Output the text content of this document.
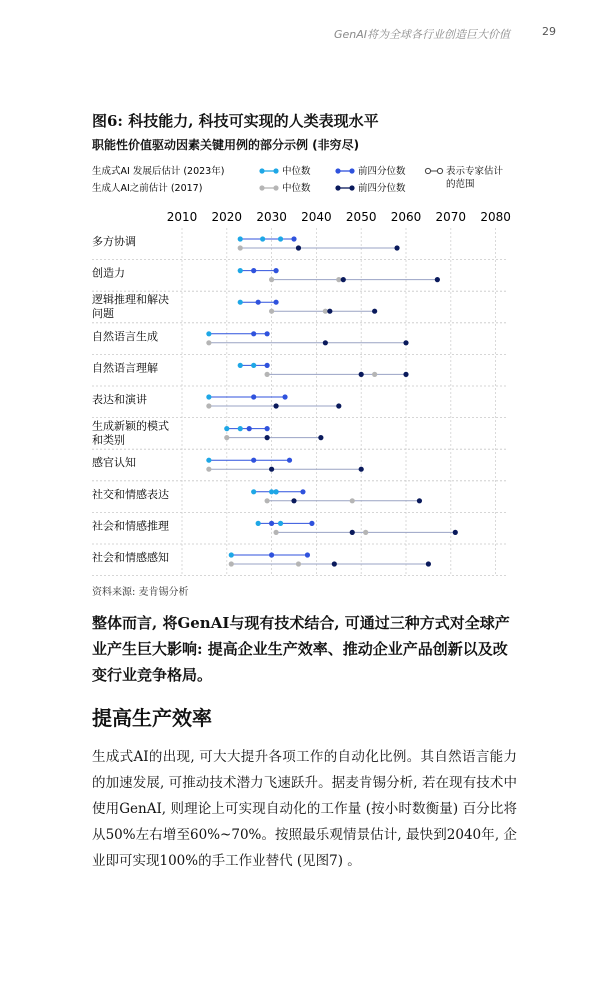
GenAI将为全球各行业创造巨大价值	29
图6: 科技能力, 科技可实现的人类表现水平
职能性价值驱动因素关键用例的部分示例 (非穷尽)
生成式AI 发展后估计 (2023年)
生成人AI之前估计 (2017)
中位数	前四分位数
中位数	前四分位数
表示专家估计
的范围
2010 2020 2030 2040 2050 2060 2070 2080
多方协调
创造力
逻辑推理和解决
问题
自然语言生成
自然语言理解
表达和演讲
生成新颖的模式
和类别
感官认知
社交和情感表达
社会和情感推理
社会和情感感知
资料来源: 麦肯锡分析
整体而言, 将GenAI与现有技术结合, 可通过三种方式对全球产业产生巨大影响: 提高企业生产效率、推动企业产品创新以及改变行业竞争格局。
提高生产效率
生成式AI的出现, 可大大提升各项工作的自动化比例。其自然语言能力的加速发展, 可推动技术潜力飞速跃升。据麦肯锡分析, 若在现有技术中使用GenAI, 则理论上可实现自动化的工作量 (按小时数衡量) 百分比将从50%左右增至60%~70%。按照最乐观情景估计, 最快到2040年, 企业即可实现100%的手工作业替代 (见图7) 。
